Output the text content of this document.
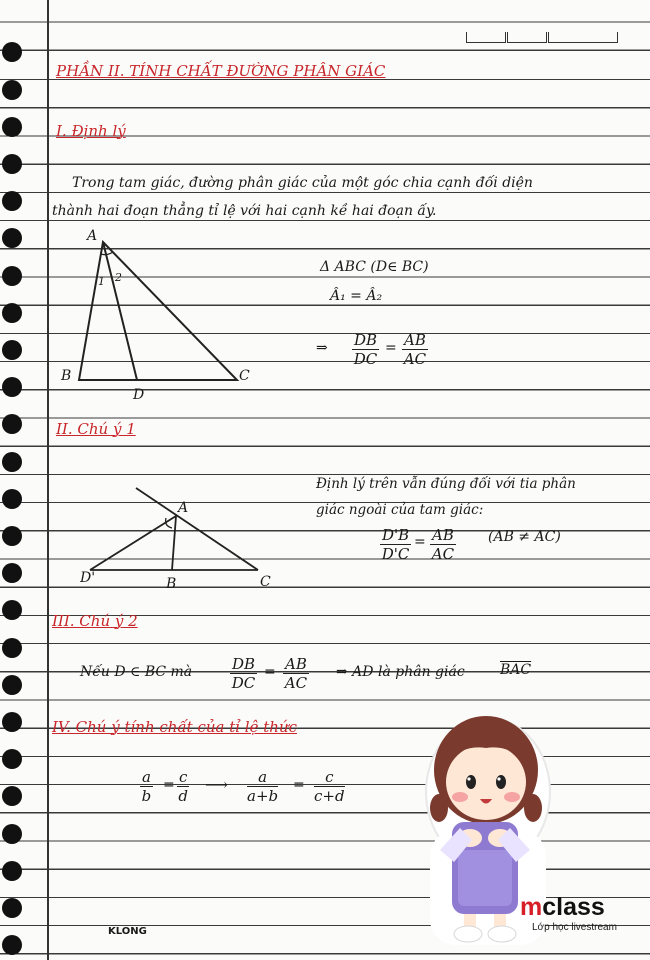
PHẦN II. TÍNH CHẤT ĐƯỜNG PHÂN GIÁC
I. Định lý
Trong tam giác, đường phân giác của một góc chia cạnh đối diện
thành hai đoạn thẳng tỉ lệ với hai cạnh kề hai đoạn ấy.
A
B	C
D
1 2
Δ ABC (D∈ BC)
Â₁ = Â₂
⇒ $\frac{DB}{DC} = \frac{AB}{AC}$
II. Chú ý 1
A
B	C
D'
Định lý trên vẫn đúng đối với tia phân
giác ngoài của tam giác:
$\frac{D'B}{D'C} = \frac{AB}{AC} (AB \ne AC)$
III. Chú ý 2
Nếu D ∈ BC mà	$\frac{DB}{DC} = \frac{AB}{AC}$ ⇒ AD là phân giác	$\overline{BAC}$
IV. Chú ý tính chất của tỉ lệ thức
$\frac{a}{b} = \frac{c}{d}$ ⟶ $\frac{a}{a+b} = \frac{c}{c+d}$
mclass
Lớp học livestream
KLONG
